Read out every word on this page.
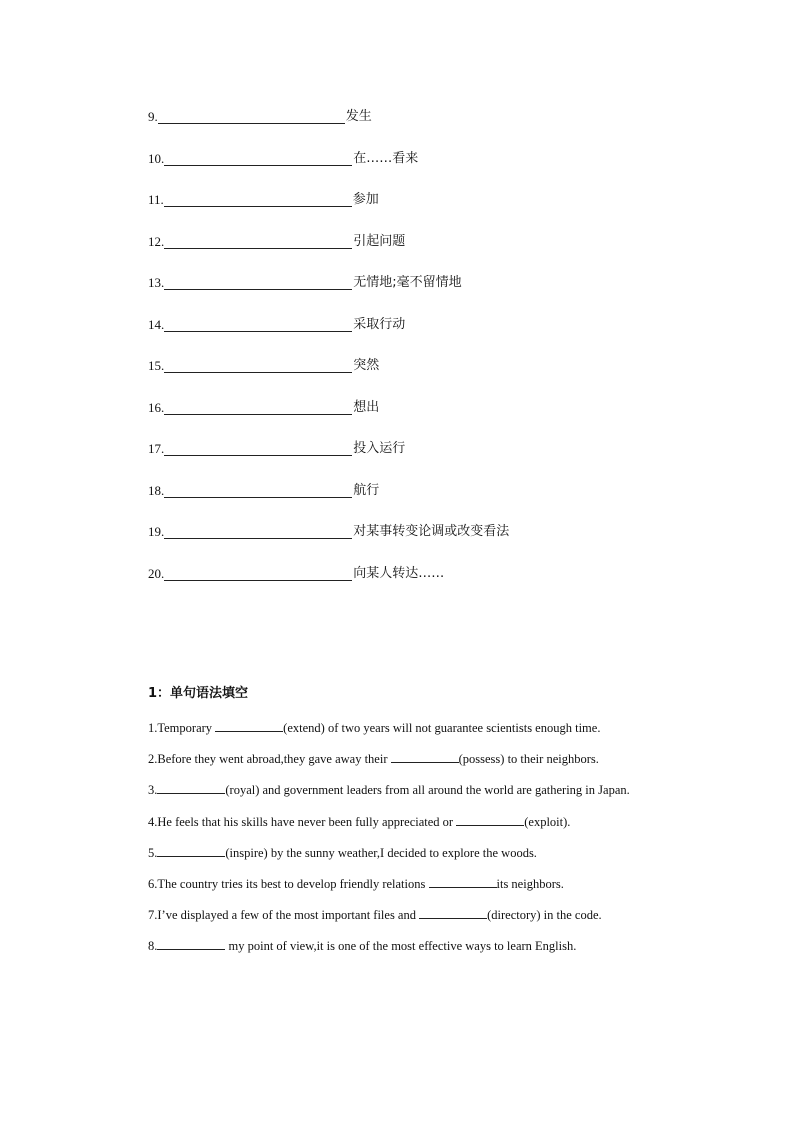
9.	发生
10.	在……看来
11.	参加
12.	引起问题
13.	无情地;毫不留情地
14.	采取行动
15.	突然
16.	想出
17.	投入运行
18.	航行
19.	对某事转变论调或改变看法
20.	向某人转达……
1：单句语法填空
1.Temporary	(extend) of two years will not guarantee scientists enough time.
2.Before they went abroad,they gave away their	(possess) to their neighbors.
3.	(royal) and government leaders from all around the world are gathering in Japan.
4.He feels that his skills have never been fully appreciated or	(exploit).
5.	(inspire) by the sunny weather,I decided to explore the woods.
6.The country tries its best to develop friendly relations	its neighbors.
7.I’ve displayed a few of the most important files and	(directory) in the code.
8.	my point of view,it is one of the most effective ways to learn English.
